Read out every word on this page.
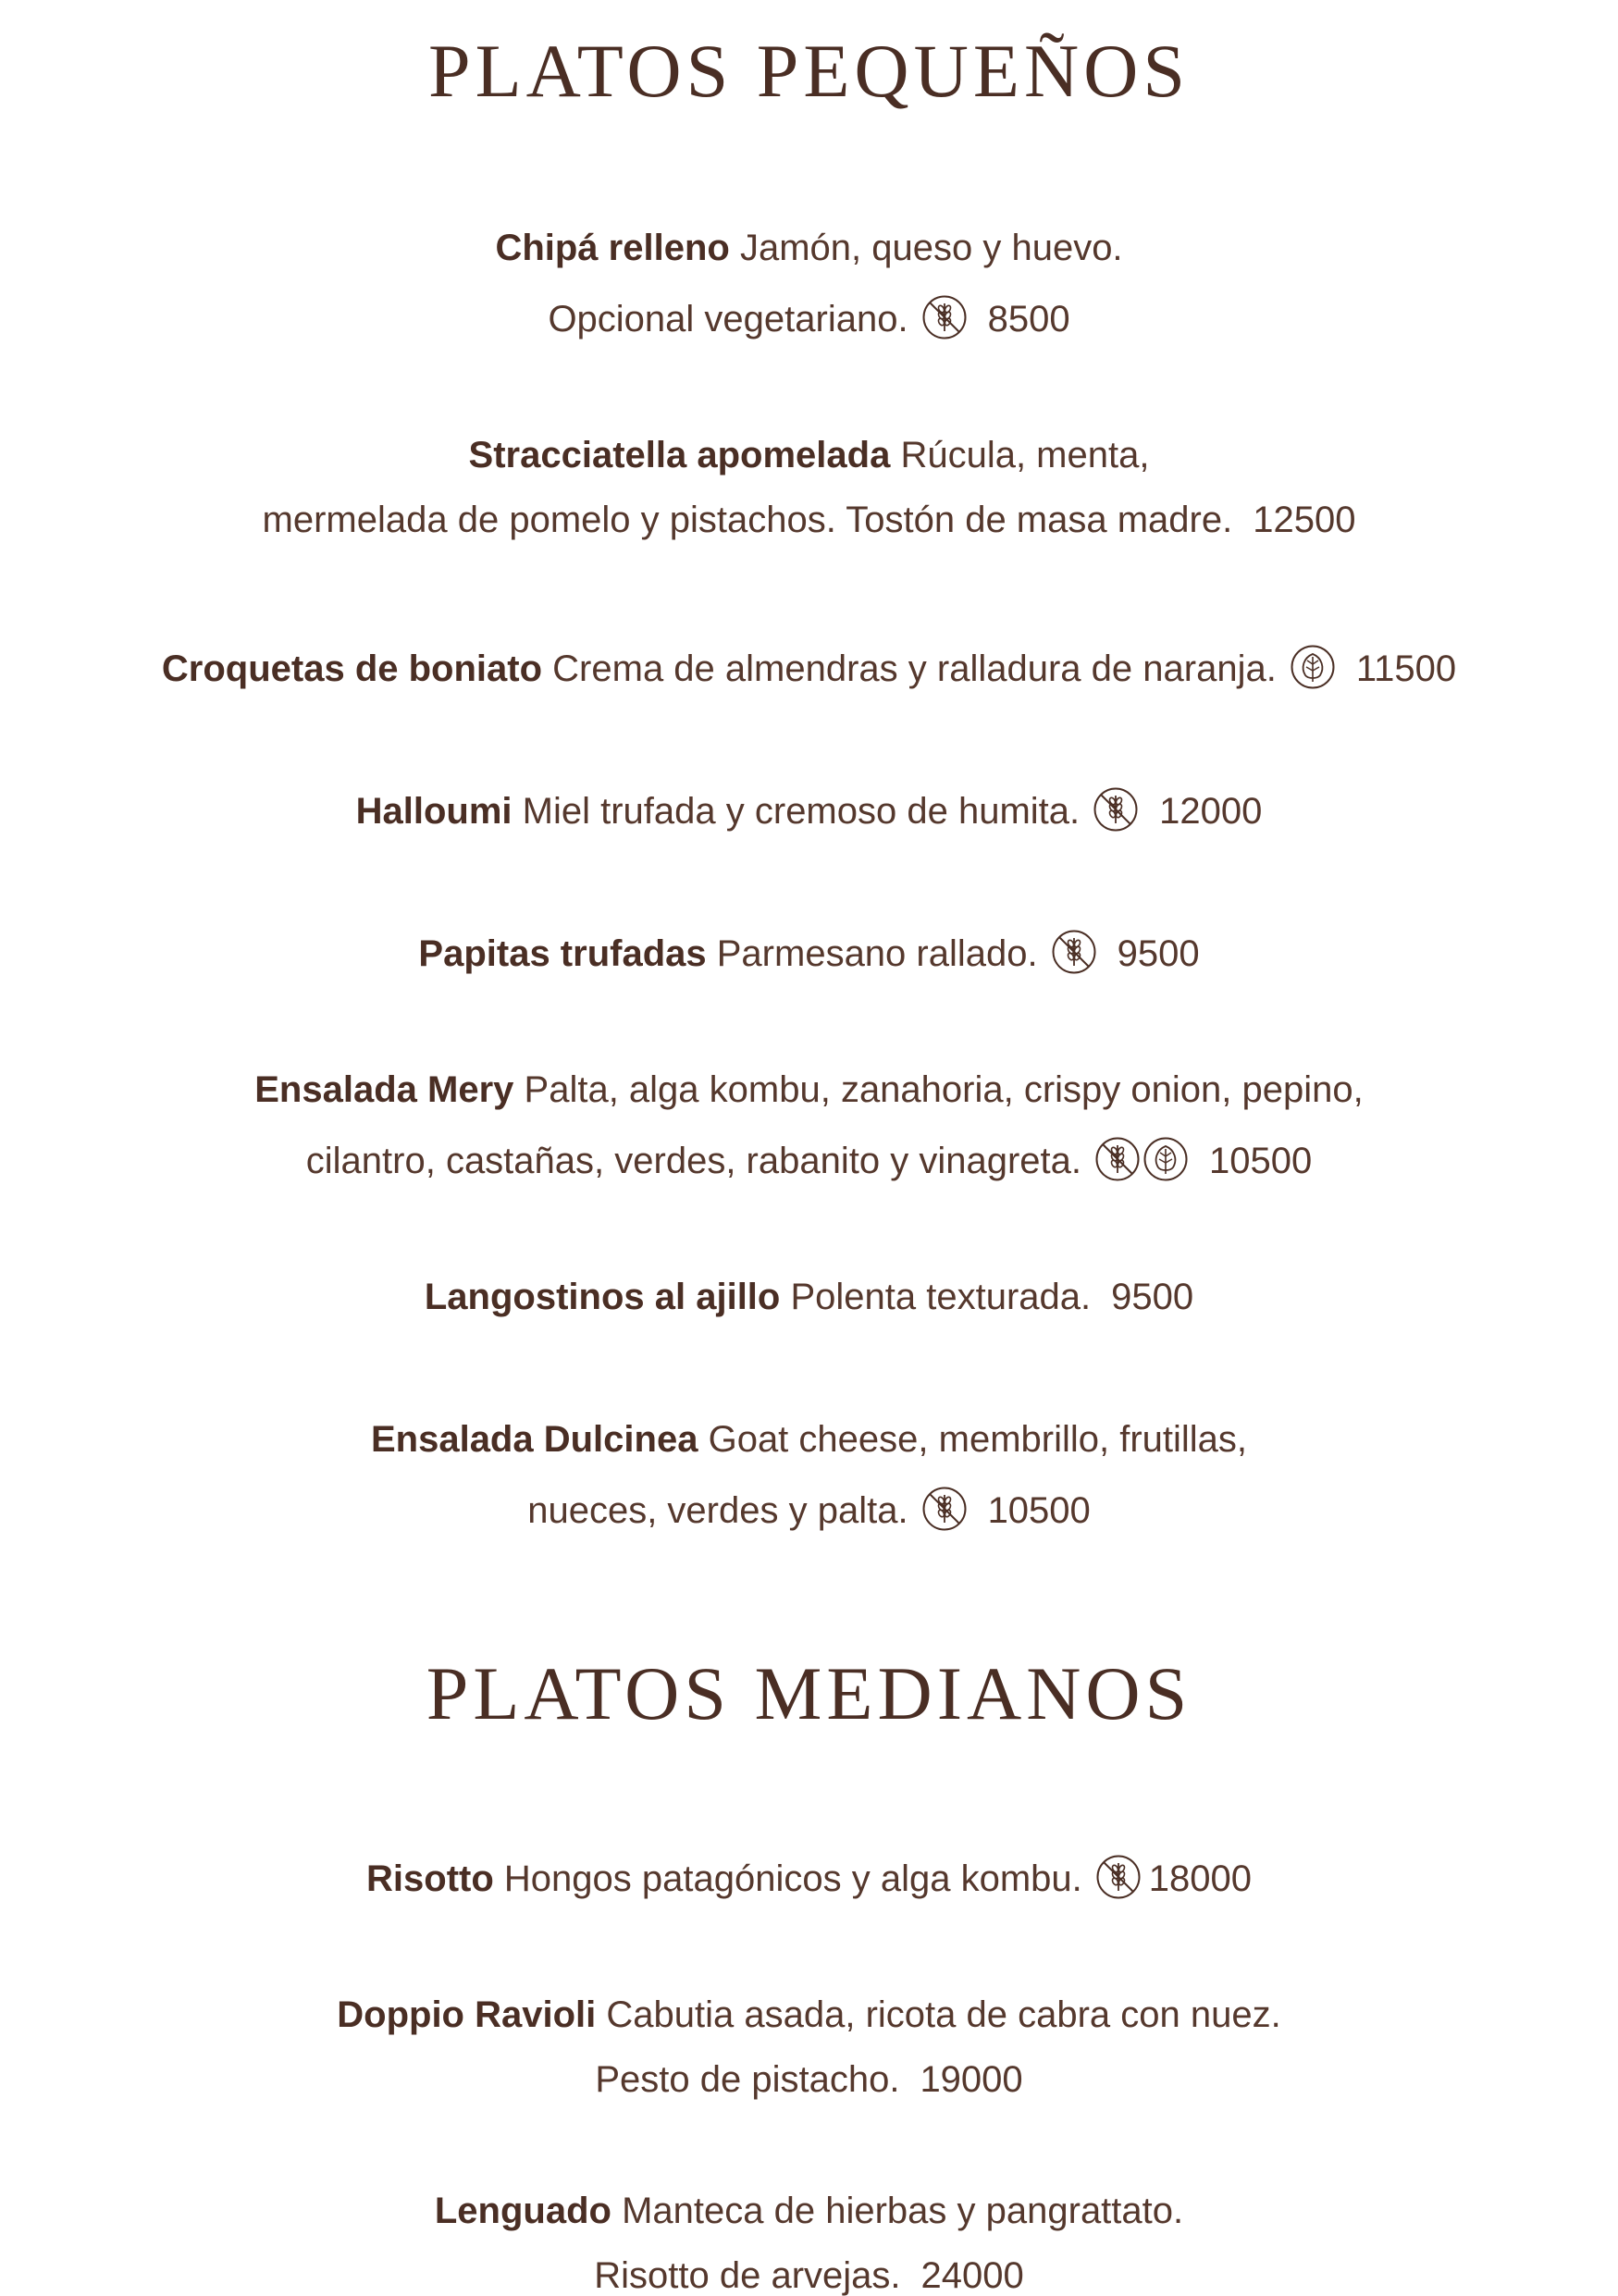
PLATOS PEQUEÑOS
Chipá relleno Jamón, queso y huevo.
Opcional vegetariano. 8500
Stracciatella apomelada Rúcula, menta,
mermelada de pomelo y pistachos. Tostón de masa madre. 12500
Croquetas de boniato Crema de almendras y ralladura de naranja. 11500
Halloumi Miel trufada y cremoso de humita. 12000
Papitas trufadas Parmesano rallado. 9500
Ensalada Mery Palta, alga kombu, zanahoria, crispy onion, pepino,
cilantro, castañas, verdes, rabanito y vinagreta.	10500
Langostinos al ajillo Polenta texturada. 9500
Ensalada Dulcinea Goat cheese, membrillo, frutillas,
nueces, verdes y palta. 10500
PLATOS MEDIANOS
Risotto Hongos patagónicos y alga kombu. 18000
Doppio Ravioli Cabutia asada, ricota de cabra con nuez.
Pesto de pistacho. 19000
Lenguado Manteca de hierbas y pangrattato.
Risotto de arvejas. 24000
